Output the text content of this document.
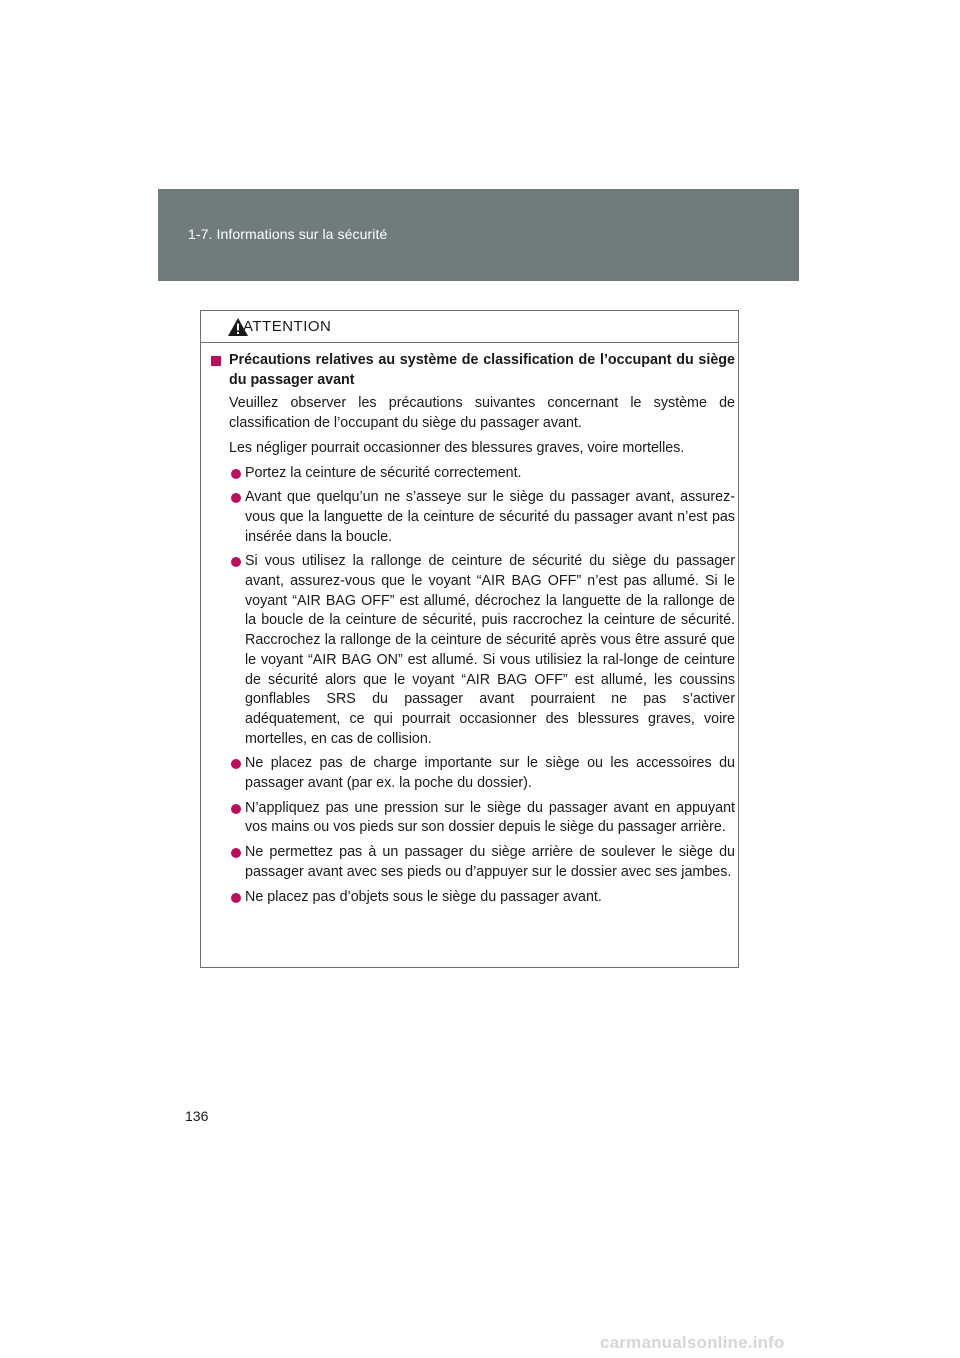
1-7. Informations sur la sécurité
ATTENTION
Précautions relatives au système de classification de l’occupant du siège du passager avant

Veuillez observer les précautions suivantes concernant le système de classification de l’occupant du siège du passager avant.

Les négliger pourrait occasionner des blessures graves, voire mortelles.

Portez la ceinture de sécurité correctement.
Avant que quelqu’un ne s’asseye sur le siège du passager avant, assurez-vous que la languette de la ceinture de sécurité du passager avant n’est pas insérée dans la boucle.
Si vous utilisez la rallonge de ceinture de sécurité du siège du passager avant, assurez-vous que le voyant “AIR BAG OFF” n’est pas allumé. Si le voyant “AIR BAG OFF” est allumé, décrochez la languette de la rallonge de la boucle de la ceinture de sécurité, puis raccrochez la ceinture de sécurité. Raccrochez la rallonge de la ceinture de sécurité après vous être assuré que le voyant “AIR BAG ON” est allumé. Si vous utilisiez la ral-longe de ceinture de sécurité alors que le voyant “AIR BAG OFF” est allumé, les coussins gonflables SRS du passager avant pourraient ne pas s’activer adéquatement, ce qui pourrait occasionner des blessures graves, voire mortelles, en cas de collision.
Ne placez pas de charge importante sur le siège ou les accessoires du passager avant (par ex. la poche du dossier).
N’appliquez pas une pression sur le siège du passager avant en appuyant vos mains ou vos pieds sur son dossier depuis le siège du passager arrière.
Ne permettez pas à un passager du siège arrière de soulever le siège du passager avant avec ses pieds ou d’appuyer sur le dossier avec ses jambes.
Ne placez pas d’objets sous le siège du passager avant.
136
carmanualsonline.info
